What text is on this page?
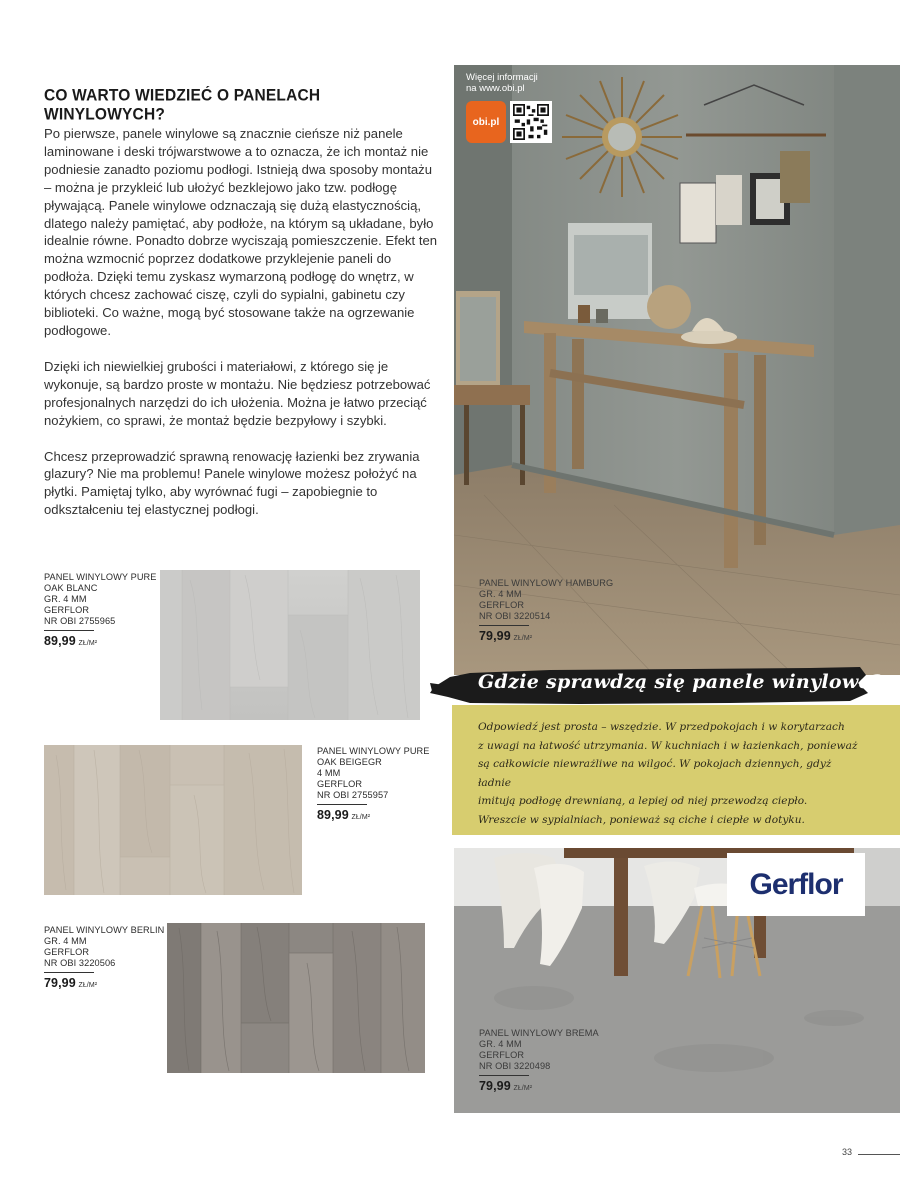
CO WARTO WIEDZIEĆ O PANELACH WINYLOWYCH?

Po pierwsze, panele winylowe są znacznie cieńsze niż panele laminowane i deski trójwarstwowe a to oznacza, że ich montaż nie podniesie zanadto poziomu podłogi. Istnieją dwa sposoby montażu – można je przykleić lub ułożyć bezklejowo jako tzw. podłogę pływającą. Panele winylowe odznaczają się dużą elastycznością, dlatego należy pamiętać, aby podłoże, na którym są układane, było idealnie równe. Ponadto dobrze wyciszają pomieszczenie. Efekt ten można wzmocnić poprzez dodatkowe przyklejenie paneli do podłoża. Dzięki temu zyskasz wymarzoną podłogę do wnętrz, w których chcesz zachować ciszę, czyli do sypialni, gabinetu czy biblioteki. Co ważne, mogą być stosowane także na ogrzewanie podłogowe.

Dzięki ich niewielkiej grubości i materiałowi, z którego się je wykonuje, są bardzo proste w montażu. Nie będziesz potrzebować profesjonalnych narzędzi do ich ułożenia. Można je łatwo przeciąć nożykiem, co sprawi, że montaż będzie bezpyłowy i szybki.

Chcesz przeprowadzić sprawną renowację łazienki bez zrywania glazury? Nie ma problemu! Panele winylowe możesz położyć na płytki. Pamiętaj tylko, aby wyrównać fugi – zapobiegnie to odkształceniu tej elastycznej podłogi.

PANEL WINYLOWY PURE
OAK BLANC
GR. 4 MM
GERFLOR
NR OBI 2755965
89,99 ZŁ/M²
PANEL WINYLOWY PURE
OAK BEIGEGR
4 MM
GERFLOR
NR OBI 2755957
89,99 ZŁ/M²
PANEL WINYLOWY BERLIN
GR. 4 MM
GERFLOR
NR OBI 3220506
79,99 ZŁ/M²
Więcej informacji
na www.obi.pl
obi.pl
PANEL WINYLOWY HAMBURG
GR. 4 MM
GERFLOR
NR OBI 3220514
79,99 ZŁ/M²
Gdzie sprawdzą się panele winylowe?
Odpowiedź jest prosta – wszędzie. W przedpokojach i w korytarzach
z uwagi na łatwość utrzymania. W kuchniach i w łazienkach, ponieważ
są całkowicie niewrażliwe na wilgoć. W pokojach dziennych, gdyż ładnie
imitują podłogę drewnianą, a lepiej od niej przewodzą ciepło.
Wreszcie w sypialniach, ponieważ są ciche i ciepłe w dotyku.
Gerflor
PANEL WINYLOWY BREMA
GR. 4 MM
GERFLOR
NR OBI 3220498
79,99 ZŁ/M²
33
